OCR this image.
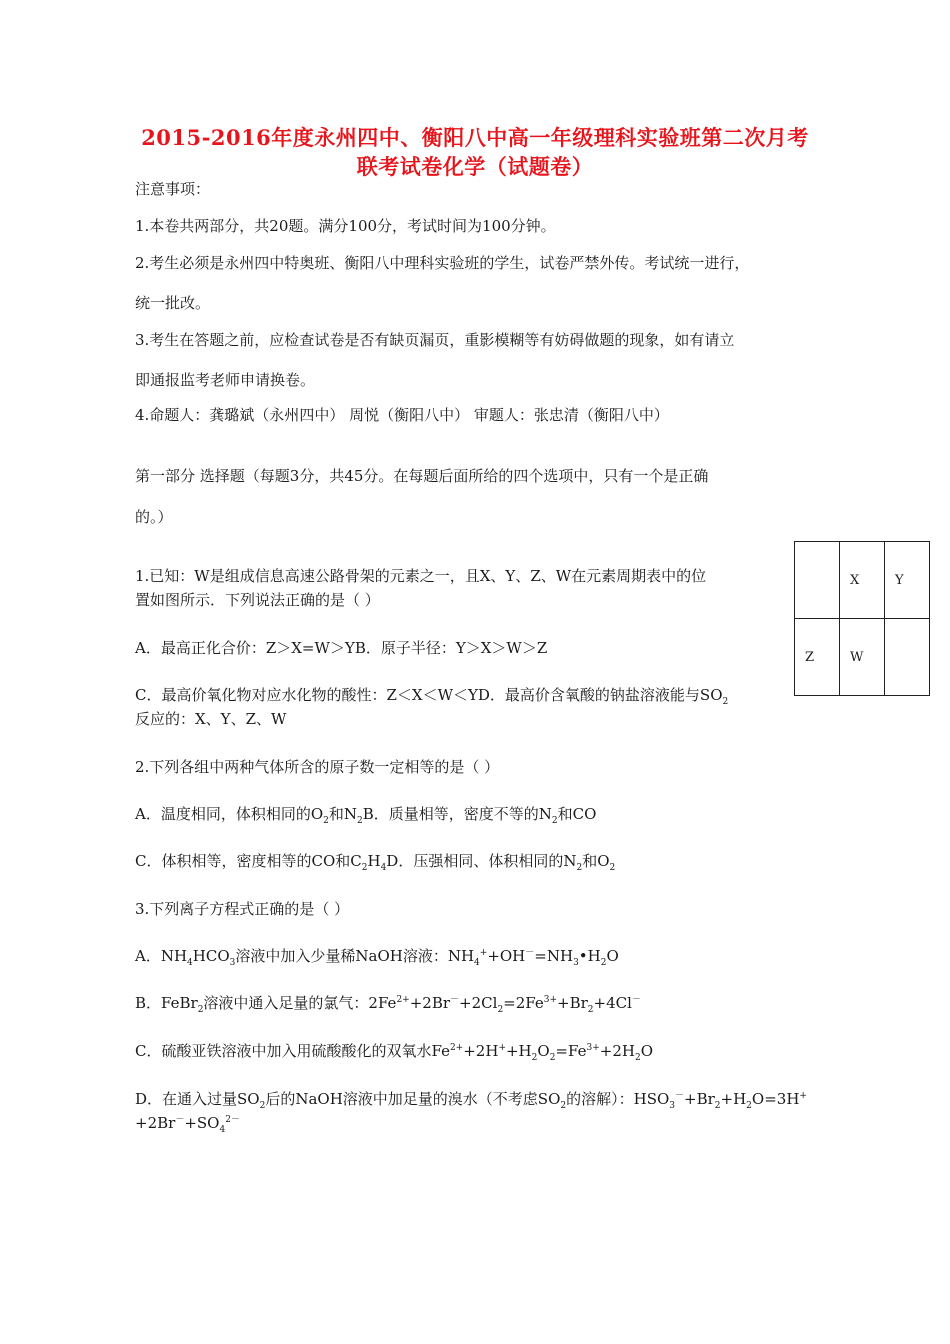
2015-2016年度永州四中、衡阳八中高一年级理科实验班第二次月考
联考试卷化学（试题卷）
注意事项：
1.本卷共两部分，共20题。满分100分，考试时间为100分钟。
2.考生必须是永州四中特奥班、衡阳八中理科实验班的学生，试卷严禁外传。考试统一进行，
统一批改。
3.考生在答题之前，应检查试卷是否有缺页漏页，重影模糊等有妨碍做题的现象，如有请立
即通报监考老师申请换卷。
4.命题人：龚璐斌（永州四中） 周悦（衡阳八中） 审题人：张忠清（衡阳八中）
第一部分 选择题（每题3分，共45分。在每题后面所给的四个选项中，只有一个是正确
的。）
	X	Y
Z	W	
1.已知：W是组成信息高速公路骨架的元素之一，且X、Y、Z、W在元素周期表中的位
置如图所示．下列说法正确的是（ ）
A．最高正化合价：Z＞X=W＞YB．原子半径：Y＞X＞W＞Z
C．最高价氧化物对应水化物的酸性：Z＜X＜W＜YD．最高价含氧酸的钠盐溶液能与$SO_2$
反应的：X、Y、Z、W
2.下列各组中两种气体所含的原子数一定相等的是（ ）
A．温度相同，体积相同的$O_2$和$N_2B$．质量相等，密度不等的$N_2$和CO
C．体积相等，密度相等的CO和$C_2H_4D$．压强相同、体积相同的$N_2$和$O_2$
3.下列离子方程式正确的是（ ）
A．$NH_4HCO_3$溶液中加入少量稀NaOH溶液：$NH_4^++OH^-=NH_3•H_2O$
B．FeBr$_2$溶液中通入足量的氯气：$2Fe^{2+}+2Br^-+2Cl_2=2Fe^{3+}+Br_2+4Cl^-$
C．硫酸亚铁溶液中加入用硫酸酸化的双氧水$Fe^{2+}+2H^++H_2O_2=Fe^{3+}+2H_2O$
D．在通入过量$SO_2$后的NaOH溶液中加足量的溴水（不考虑$SO_2$的溶解）：$HSO_3^-+Br_2+H_2O=3H^+$
$+2Br^-+SO_4^{2-}$
